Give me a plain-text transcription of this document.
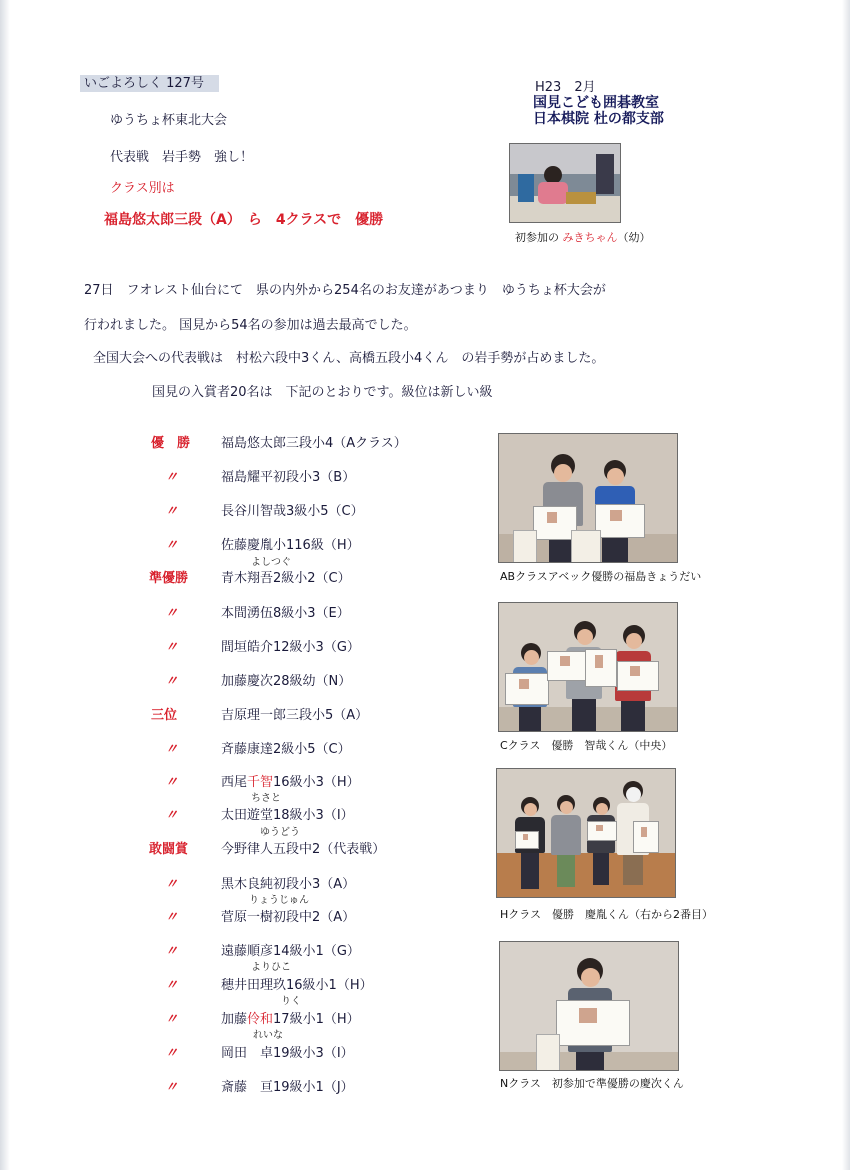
いごよろしく 127号	H23　2月
国見こども囲碁教室
日本棋院 杜の都支部
ゆうちょ杯東北大会
代表戦　岩手勢　強し！
クラス別は
福島悠太郎三段（A）　ら　4クラスで　優勝
初参加の みきちゃん（幼）
27日　フオレスト仙台にて　県の内外から254名のお友達があつまり　ゆうちょ杯大会が
行われました。 国見から54名の参加は過去最高でした。
全国大会への代表戦は　村松六段中3くん、高橋五段小4くん　の岩手勢が占めました。
国見の入賞者20名は　下記のとおりです。級位は新しい級
優　勝 福島悠太郎三段小4（Aクラス）
〃	福島耀平初段小3（B）
〃	長谷川智哉3級小5（C）
〃	佐藤慶胤小116級（H）
よしつぐ
準優勝	青木翔吾2級小2（C）
〃	本間湧伍8級小3（E）
〃	間垣皓介12級小3（G）
〃	加藤慶次28級幼（N）
三位	吉原理一郎三段小5（A）
〃	斉藤康達2級小5（C）
〃	西尾千智16級小3（H）
ちさと
〃	太田遊堂18級小3（I）
ゆうどう
敢闘賞	今野律人五段中2（代表戦）
〃	黒木良純初段小3（A）
りょうじゅん
〃	菅原一樹初段中2（A）
〃	遠藤順彦14級小1（G）
よりひこ
〃	穂井田理玖16級小1（H）
りく
〃	加藤伶和17級小1（H）
れいな
〃	岡田　卓19級小3（I）
〃	斎藤　亘19級小1（J）
ABクラスアベック優勝の福島きょうだい
Cクラス　優勝　智哉くん（中央）
Hクラス　優勝　慶胤くん（右から2番目）
Nクラス　初参加で準優勝の慶次くん
